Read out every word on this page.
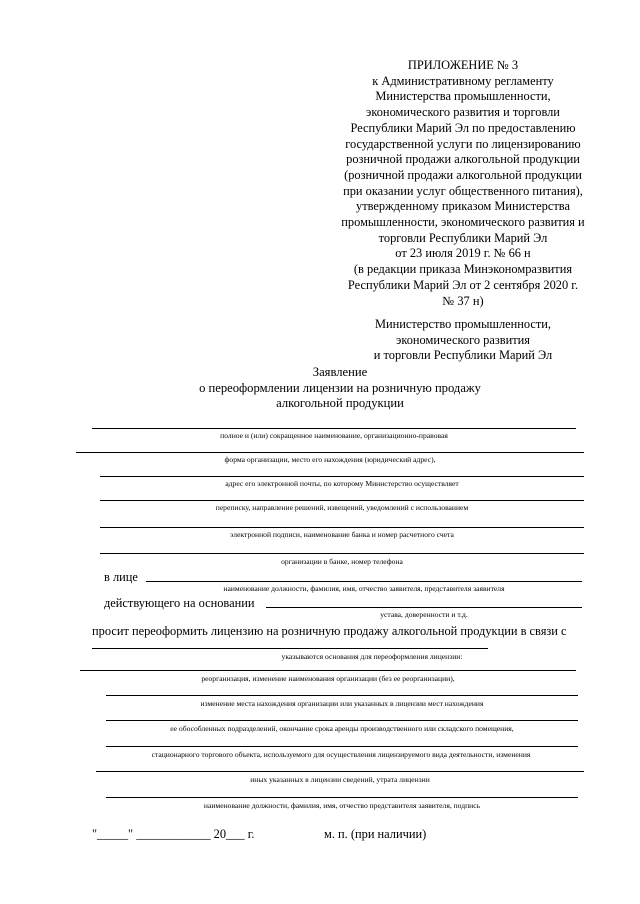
ПРИЛОЖЕНИЕ № 3
к Административному регламенту
Министерства промышленности,
экономического развития и торговли
Республики Марий Эл по предоставлению
государственной услуги по лицензированию
розничной продажи алкогольной продукции
(розничной продажи алкогольной продукции
при оказании услуг общественного питания),
утвержденному приказом Министерства
промышленности, экономического развития и
торговли Республики Марий Эл
от 23 июля 2019 г. № 66 н
(в редакции приказа Минэкономразвития
Республики Марий Эл от 2 сентября 2020 г.
№ 37 н)
Министерство промышленности,
экономического развития
и торговли Республики Марий Эл
Заявление
о переоформлении лицензии на розничную продажу
алкогольной продукции
полное и (или) сокращенное наименование, организационно-правовая
форма организации, место его нахождения (юридический адрес),
адрес его электронной почты, по которому Министерство осуществляет
переписку, направление решений, извещений, уведомлений с использованием
электронной подписи, наименование банка и номер расчетного счета
организации в банке, номер телефона
в лице
наименование должности, фамилия, имя, отчество заявителя, представителя заявителя
действующего на основании
устава, доверенности и т.д.
просит переоформить лицензию на розничную продажу алкогольной продукции в связи с
указываются основания для переоформления лицензии:
реорганизация, изменение наименования организации (без ее реорганизации),
изменение места нахождения организации или указанных в лицензии мест нахождения
ее обособленных подразделений, окончание срока аренды производственного или складского помещения,
стационарного торгового объекта, используемого для осуществления лицензируемого вида деятельности, изменения
иных указанных в лицензии сведений, утрата лицензии
наименование должности, фамилия, имя, отчество представителя заявителя, подпись
"_____" ____________ 20___ г.	м. п. (при наличии)
